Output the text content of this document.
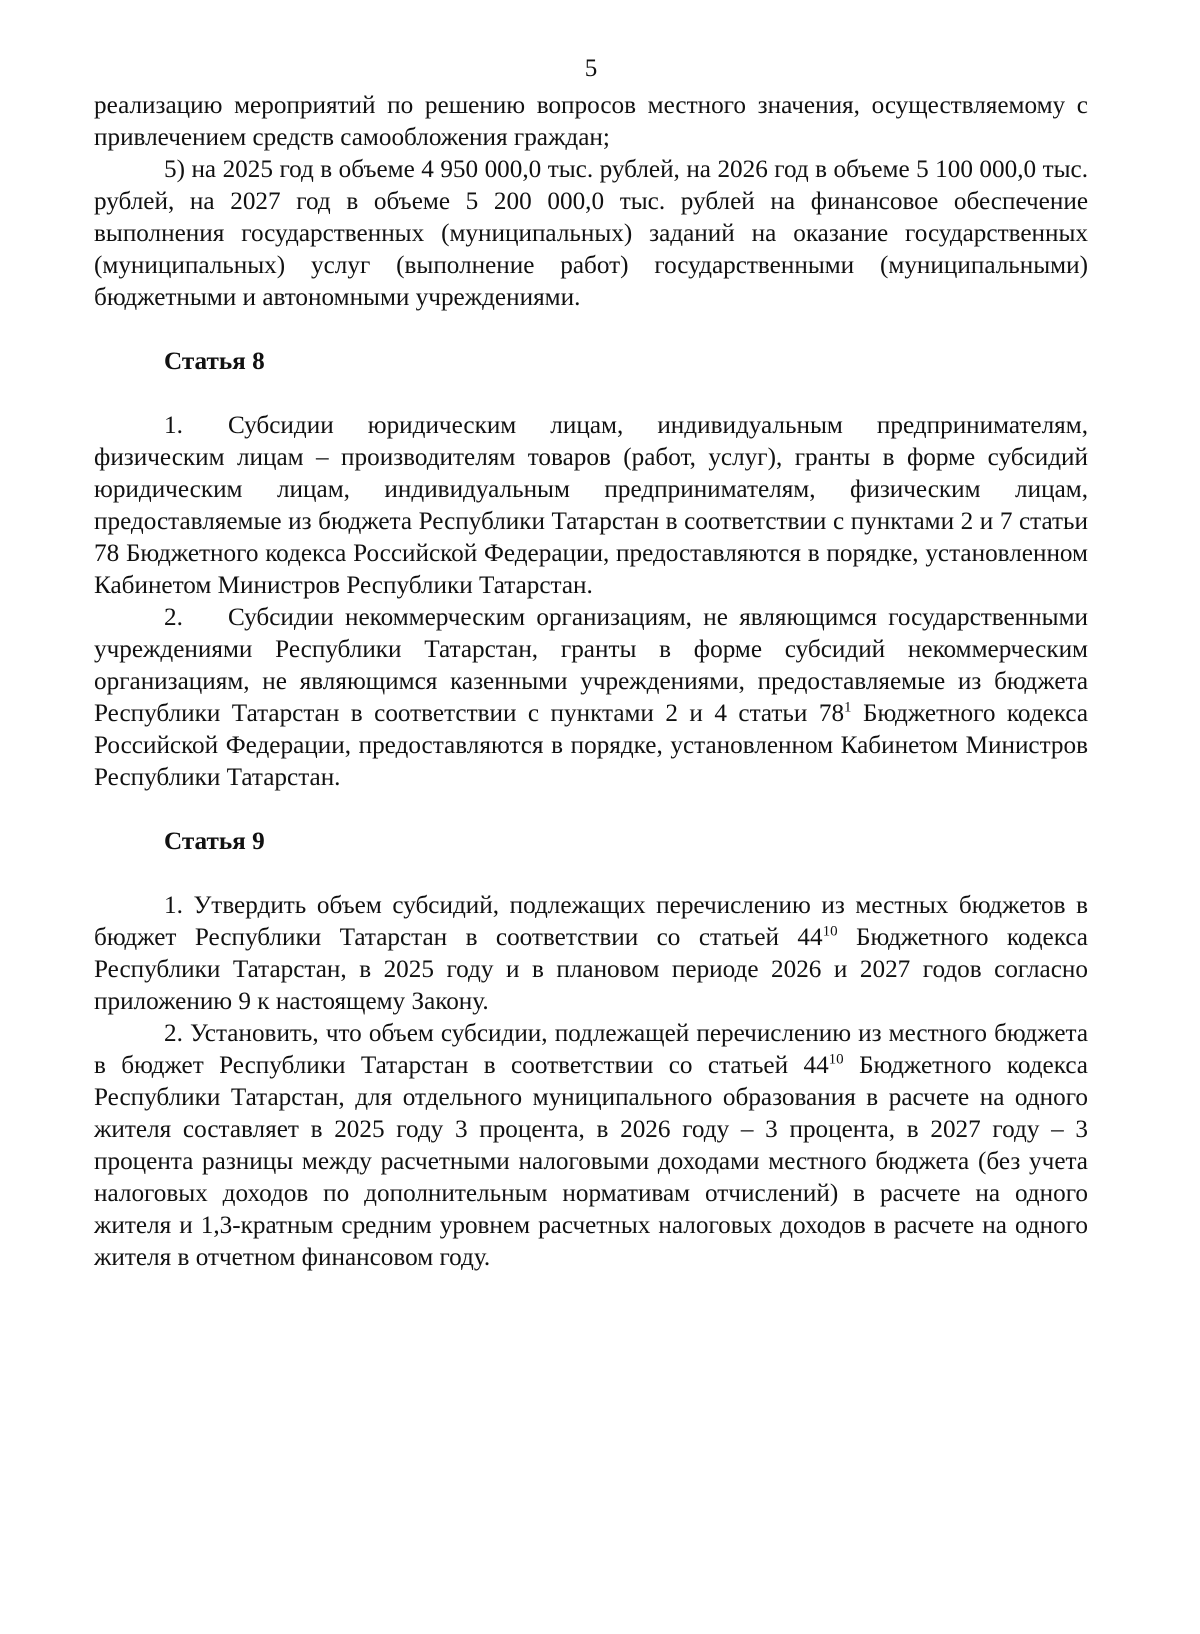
5

реализацию мероприятий по решению вопросов местного значения, осуществляемому с привлечением средств самообложения граждан;

5) на 2025 год в объеме 4 950 000,0 тыс. рублей, на 2026 год в объеме 5 100 000,0 тыс. рублей, на 2027 год в объеме 5 200 000,0 тыс. рублей на финансовое обеспечение выполнения государственных (муниципальных) заданий на оказание государственных (муниципальных) услуг (выполнение работ) государственными (муниципальными) бюджетными и автономными учреждениями.

Статья 8

1. Субсидии юридическим лицам, индивидуальным предпринимателям, физическим лицам – производителям товаров (работ, услуг), гранты в форме субсидий юридическим лицам, индивидуальным предпринимателям, физическим лицам, предоставляемые из бюджета Республики Татарстан в соответствии с пунктами 2 и 7 статьи 78 Бюджетного кодекса Российской Федерации, предоставляются в порядке, установленном Кабинетом Министров Республики Татарстан.

2. Субсидии некоммерческим организациям, не являющимся государственными учреждениями Республики Татарстан, гранты в форме субсидий некоммерческим организациям, не являющимся казенными учреждениями, предоставляемые из бюджета Республики Татарстан в соответствии с пунктами 2 и 4 статьи $78^1$ Бюджетного кодекса Российской Федерации, предоставляются в порядке, установленном Кабинетом Министров Республики Татарстан.

Статья 9

1. Утвердить объем субсидий, подлежащих перечислению из местных бюджетов в бюджет Республики Татарстан в соответствии со статьей $44^{10}$ Бюджетного кодекса Республики Татарстан, в 2025 году и в плановом периоде 2026 и 2027 годов согласно приложению 9 к настоящему Закону.

2. Установить, что объем субсидии, подлежащей перечислению из местного бюджета в бюджет Республики Татарстан в соответствии со статьей $44^{10}$ Бюджетного кодекса Республики Татарстан, для отдельного муниципального образования в расчете на одного жителя составляет в 2025 году 3 процента, в 2026 году – 3 процента, в 2027 году – 3 процента разницы между расчетными налоговыми доходами местного бюджета (без учета налоговых доходов по дополнительным нормативам отчислений) в расчете на одного жителя и 1,3-кратным средним уровнем расчетных налоговых доходов в расчете на одного жителя в отчетном финансовом году.
